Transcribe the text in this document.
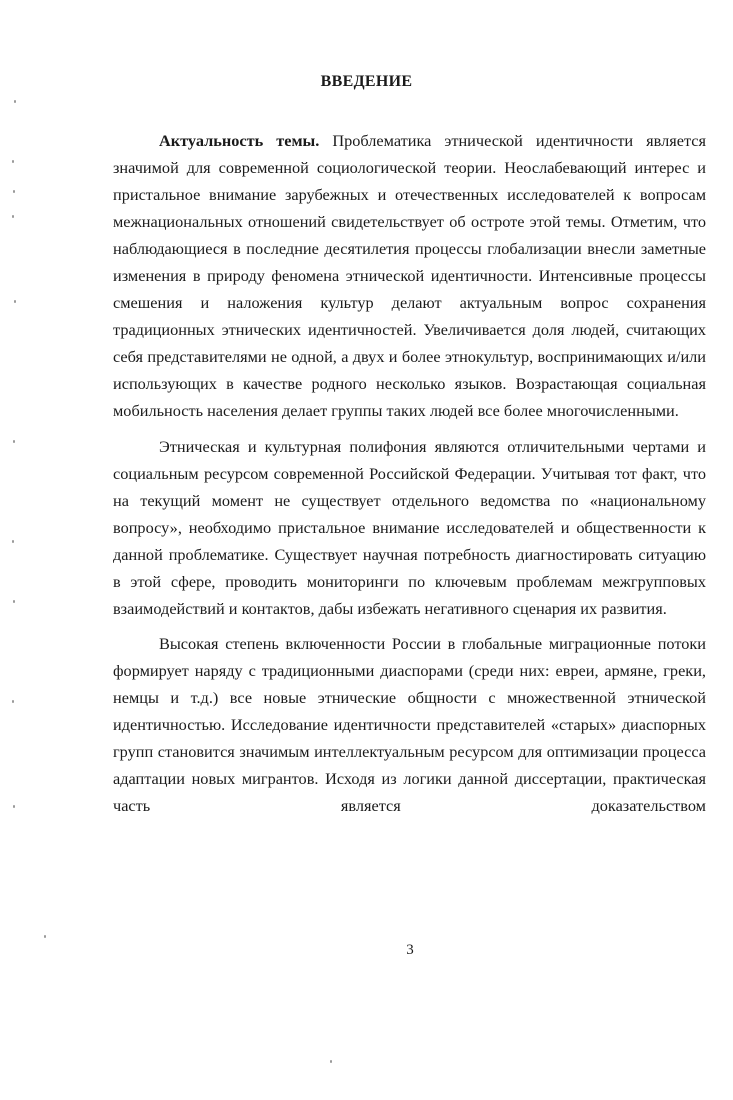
ВВЕДЕНИЕ

Актуальность темы. Проблематика этнической идентичности является значимой для современной социологической теории. Неослабевающий интерес и пристальное внимание зарубежных и отечественных исследователей к вопросам межнациональных отношений свидетельствует об остроте этой темы. Отметим, что наблюдающиеся в последние десятилетия процессы глобализации внесли заметные изменения в природу феномена этнической идентичности. Интенсивные процессы смешения и наложения культур делают актуальным вопрос сохранения традиционных этнических идентичностей. Увеличивается доля людей, считающих себя представителями не одной, а двух и более этнокультур, воспринимающих и/или использующих в качестве родного несколько языков. Возрастающая социальная мобильность населения делает группы таких людей все более многочисленными.

Этническая и культурная полифония являются отличительными чертами и социальным ресурсом современной Российской Федерации. Учитывая тот факт, что на текущий момент не существует отдельного ведомства по «национальному вопросу», необходимо пристальное внимание исследователей и общественности к данной проблематике. Существует научная потребность диагностировать ситуацию в этой сфере, проводить мониторинги по ключевым проблемам межгрупповых взаимодействий и контактов, дабы избежать негативного сценария их развития.

Высокая степень включенности России в глобальные миграционные потоки формирует наряду с традиционными диаспорами (среди них: евреи, армяне, греки, немцы и т.д.) все новые этнические общности с множественной этнической идентичностью. Исследование идентичности представителей «старых» диаспорных групп становится значимым интеллектуальным ресурсом для оптимизации процесса адаптации новых мигрантов. Исходя из логики данной диссертации, практическая часть является доказательством

3
